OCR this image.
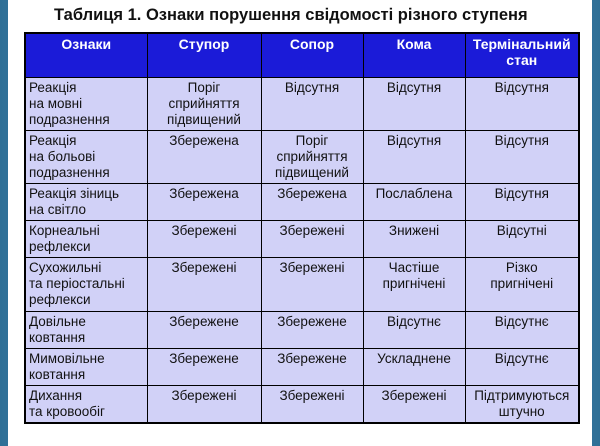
Таблиця 1. Ознаки порушення свідомості різного ступеня
Ознаки	Ступор	Сопор	Кома	Термінальний
стан
Реакція
на мовні
подразнення	Поріг
сприйняття
підвищений	Відсутня	Відсутня	Відсутня
Реакція
на больові
подразнення	Збережена	Поріг
сприйняття
підвищений	Відсутня	Відсутня
Реакція зіниць
на світло	Збережена	Збережена	Послаблена	Відсутня
Корнеальні
рефлекси	Збережені	Збережені	Знижені	Відсутні
Сухожильні
та періостальні
рефлекси	Збережені	Збережені	Частіше
пригнічені	Різко
пригнічені
Довільне
ковтання	Збережене	Збережене	Відсутнє	Відсутнє
Мимовільне
ковтання	Збережене	Збережене	Ускладнене	Відсутнє
Дихання
та кровообіг	Збережені	Збережені	Збережені	Підтримуються
штучно
